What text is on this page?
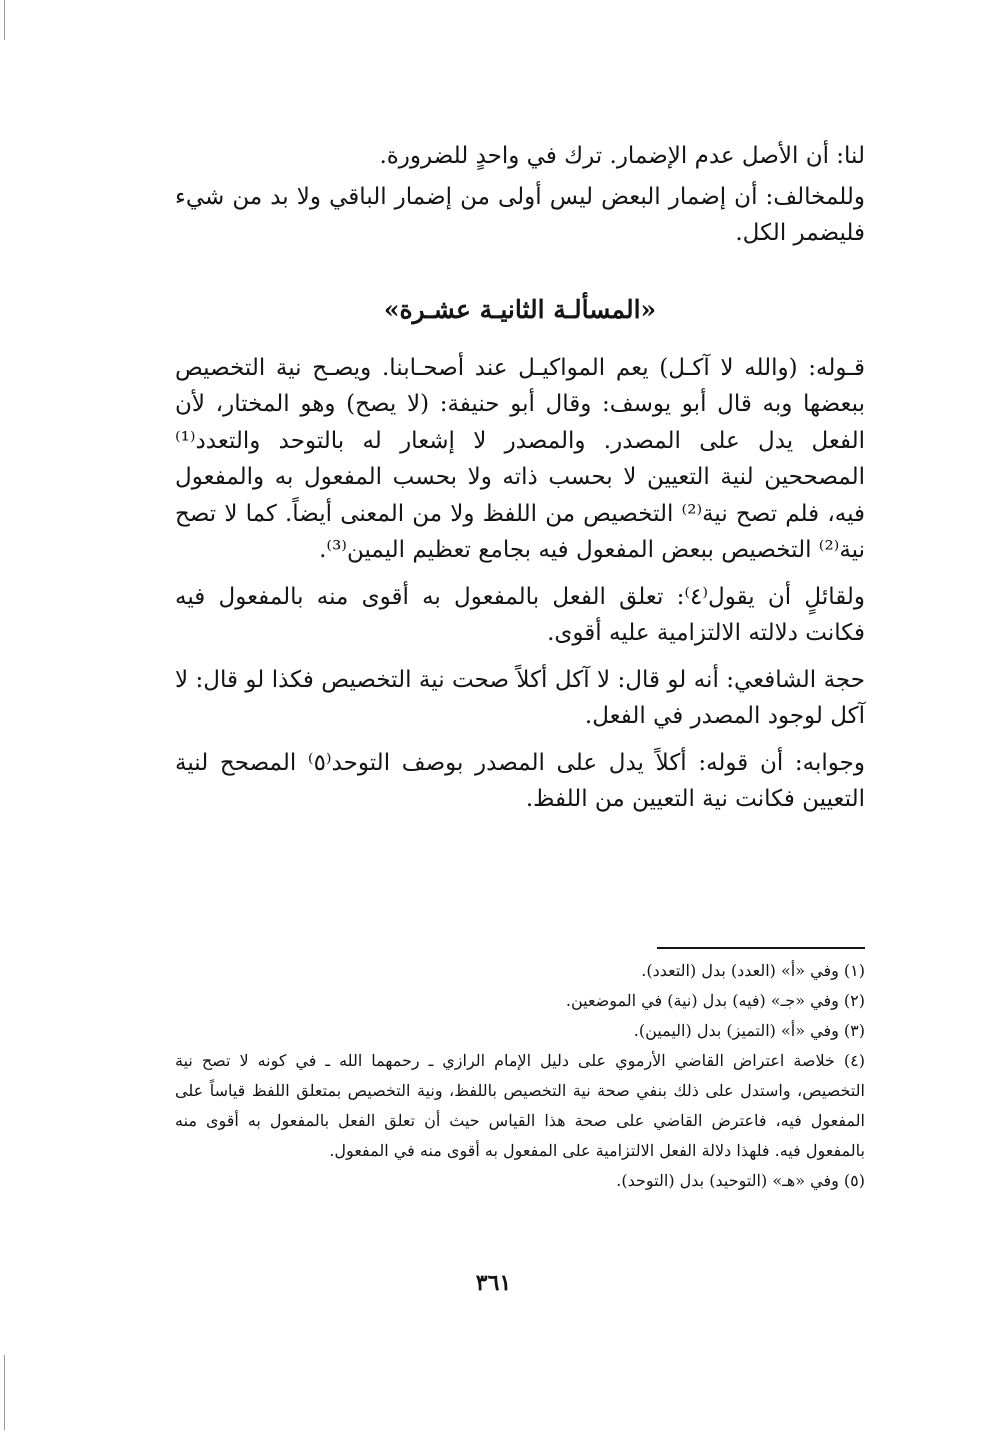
لنا: أن الأصل عدم الإضمار. ترك في واحدٍ للضرورة.

وللمخالف: أن إضمار البعض ليس أولى من إضمار الباقي ولا بد من شيء فليضمر الكل.

«المسألـة الثانيـة عشـرة»

قـوله: (والله لا آكـل) يعم المواكيـل عند أصحـابنا. ويصـح نية التخصيص ببعضها وبه قال أبو يوسف: وقال أبو حنيفة: (لا يصح) وهو المختار، لأن الفعل يدل على المصدر. والمصدر لا إشعار له بالتوحد والتعدد⁽¹⁾ المصححين لنية التعيين لا بحسب ذاته ولا بحسب المفعول به والمفعول فيه، فلم تصح نية⁽²⁾ التخصيص من اللفظ ولا من المعنى أيضاً. كما لا تصح نية⁽²⁾ التخصيص ببعض المفعول فيه بجامع تعظيم اليمين⁽³⁾.

ولقائلٍ أن يقول⁽٤⁾: تعلق الفعل بالمفعول به أقوى منه بالمفعول فيه فكانت دلالته الالتزامية عليه أقوى.

حجة الشافعي: أنه لو قال: لا آكل أكلاً صحت نية التخصيص فكذا لو قال: لا آكل لوجود المصدر في الفعل.

وجوابه: أن قوله: أكلاً يدل على المصدر بوصف التوحد⁽٥⁾ المصحح لنية التعيين فكانت نية التعيين من اللفظ.

(١) وفي «أ» (العدد) بدل (التعدد).

(٢) وفي «جـ» (فيه) بدل (نية) في الموضعين.

(٣) وفي «أ» (التميز) بدل (اليمين).

(٤) خلاصة اعتراض القاضي الأرموي على دليل الإمام الرازي ـ رحمهما الله ـ في كونه لا تصح نية التخصيص، واستدل على ذلك بنفي صحة نية التخصيص باللفظ، ونية التخصيص بمتعلق اللفظ قياساً على المفعول فيه، فاعترض القاضي على صحة هذا القياس حيث أن تعلق الفعل بالمفعول به أقوى منه بالمفعول فيه. فلهذا دلالة الفعل الالتزامية على المفعول به أقوى منه في المفعول.

(٥) وفي «هـ» (التوحيد) بدل (التوحد).

٣٦١
